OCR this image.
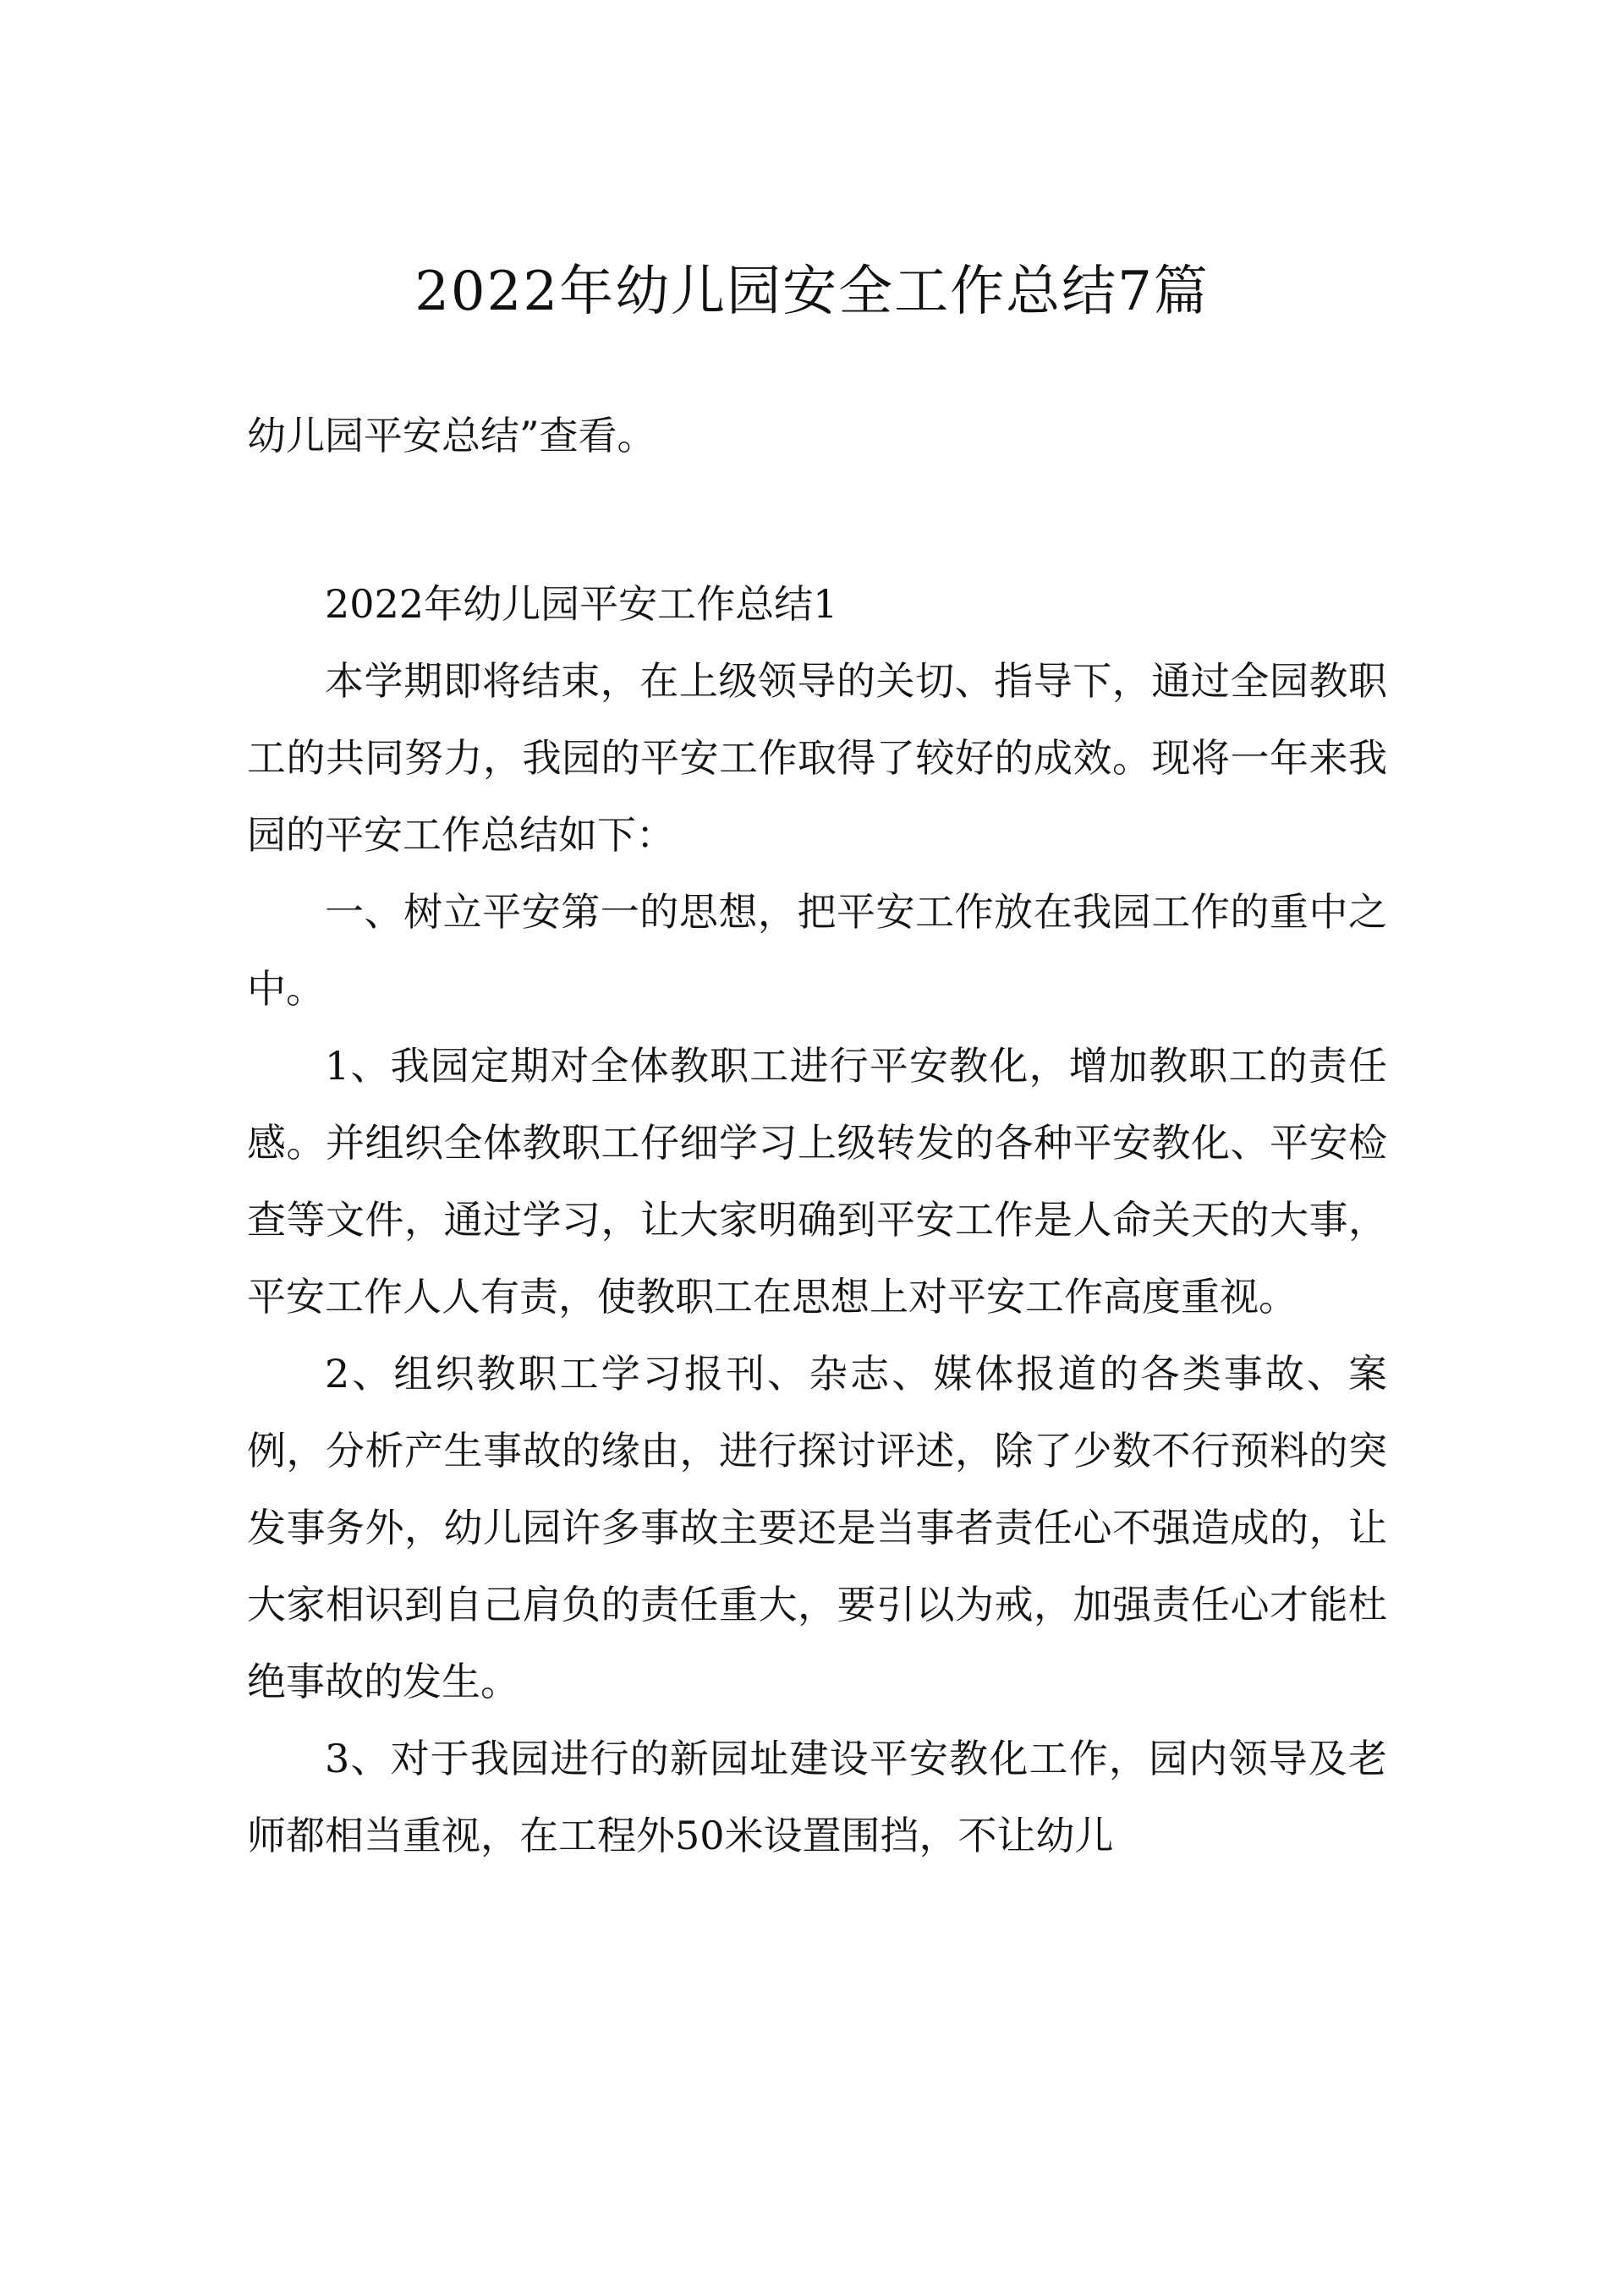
2022年幼儿园安全工作总结7篇

幼儿园平安总结”查看。

2022年幼儿园平安工作总结1

本学期即将结束，在上级领导的关切、指导下，通过全园教职工的共同努力，我园的平安工作取得了较好的成效。现将一年来我园的平安工作总结如下：

一、树立平安第一的思想，把平安工作放在我园工作的重中之中。

1、我园定期对全体教职工进行平安教化，增加教职工的责任感。并组织全体教职工仔细学习上级转发的各种平安教化、平安检查等文件，通过学习，让大家明确到平安工作是人命关天的大事，平安工作人人有责，使教职工在思想上对平安工作高度重视。

2、组织教职工学习报刊、杂志、媒体报道的各类事故、案例，分析产生事故的缘由，进行探讨评述，除了少数不行预料的突发事务外，幼儿园许多事故主要还是当事者责任心不强造成的，让大家相识到自己肩负的责任重大，要引以为戒，加强责任心才能杜绝事故的发生。

3、对于我园进行的新园址建设平安教化工作，园内领导及老师都相当重视，在工程外50米设置围挡，不让幼儿
